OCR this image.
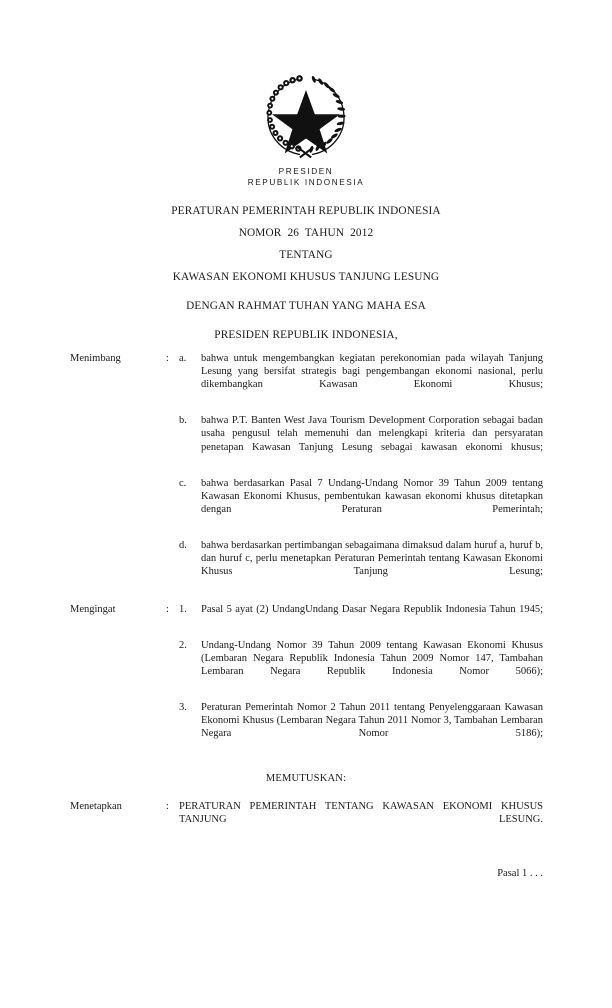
PRESIDEN
REPUBLIK INDONESIA
PERATURAN PEMERINTAH REPUBLIK INDONESIA
NOMOR  26  TAHUN  2012
TENTANG
KAWASAN EKONOMI KHUSUS TANJUNG LESUNG
DENGAN RAHMAT TUHAN YANG MAHA ESA
PRESIDEN REPUBLIK INDONESIA,
Menimbang	: a.	bahwa untuk mengembangkan kegiatan perekonomian pada wilayah Tanjung Lesung yang bersifat strategis bagi pengembangan ekonomi nasional, perlu dikembangkan Kawasan Ekonomi Khusus;
b.	bahwa P.T. Banten West Java Tourism Development Corporation sebagai badan usaha pengusul telah memenuhi dan melengkapi kriteria dan persyaratan penetapan Kawasan Tanjung Lesung sebagai kawasan ekonomi khusus;
c.	bahwa berdasarkan Pasal 7 Undang-Undang Nomor 39 Tahun 2009 tentang Kawasan Ekonomi Khusus, pembentukan kawasan ekonomi khusus ditetapkan dengan Peraturan Pemerintah;
d.	bahwa berdasarkan pertimbangan sebagaimana dimaksud dalam huruf a, huruf b, dan huruf c, perlu menetapkan Peraturan Pemerintah tentang Kawasan Ekonomi Khusus Tanjung Lesung;
Mengingat	: 1.	Pasal 5 ayat (2) UndangUndang Dasar Negara Republik Indonesia Tahun 1945;
2.	Undang-Undang Nomor 39 Tahun 2009 tentang Kawasan Ekonomi Khusus (Lembaran Negara Republik Indonesia Tahun 2009 Nomor 147, Tambahan Lembaran Negara Republik Indonesia Nomor 5066);
3.	Peraturan Pemerintah Nomor 2 Tahun 2011 tentang Penyelenggaraan Kawasan Ekonomi Khusus (Lembaran Negara Tahun 2011 Nomor 3, Tambahan Lembaran Negara Nomor 5186);
MEMUTUSKAN:
Menetapkan	: PERATURAN PEMERINTAH TENTANG KAWASAN EKONOMI KHUSUS TANJUNG LESUNG.
Pasal 1 . . .
